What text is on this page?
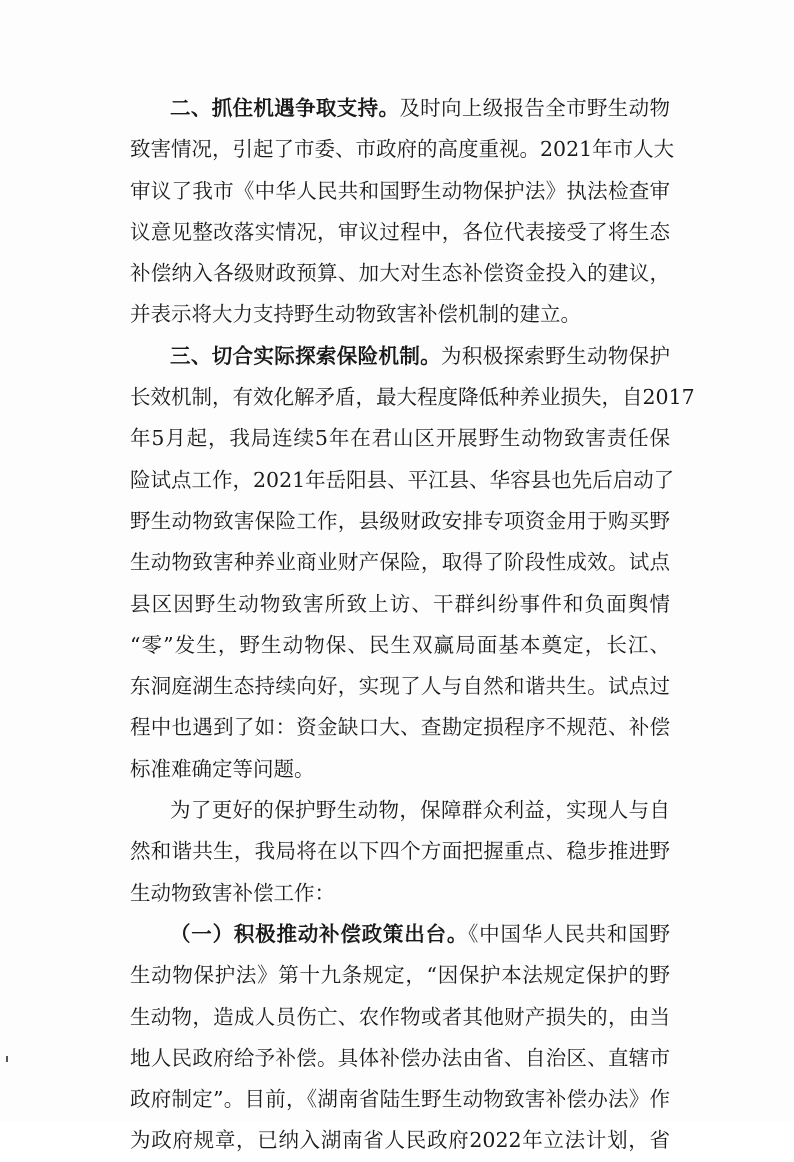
二、抓住机遇争取支持。及时向上级报告全市野生动物
致害情况，引起了市委、市政府的高度重视。2021年市人大
审议了我市《中华人民共和国野生动物保护法》执法检查审
议意见整改落实情况，审议过程中，各位代表接受了将生态
补偿纳入各级财政预算、加大对生态补偿资金投入的建议，
并表示将大力支持野生动物致害补偿机制的建立。
三、切合实际探索保险机制。为积极探索野生动物保护
长效机制，有效化解矛盾，最大程度降低种养业损失，自2017
年5月起，我局连续5年在君山区开展野生动物致害责任保
险试点工作，2021年岳阳县、平江县、华容县也先后启动了
野生动物致害保险工作，县级财政安排专项资金用于购买野
生动物致害种养业商业财产保险，取得了阶段性成效。试点
县区因野生动物致害所致上访、干群纠纷事件和负面舆情
“零”发生，野生动物保、民生双赢局面基本奠定，长江、
东洞庭湖生态持续向好，实现了人与自然和谐共生。试点过
程中也遇到了如：资金缺口大、查勘定损程序不规范、补偿
标准难确定等问题。
为了更好的保护野生动物，保障群众利益，实现人与自
然和谐共生，我局将在以下四个方面把握重点、稳步推进野
生动物致害补偿工作：
（一）积极推动补偿政策出台。《中国华人民共和国野
生动物保护法》第十九条规定，“因保护本法规定保护的野
生动物，造成人员伤亡、农作物或者其他财产损失的，由当
地人民政府给予补偿。具体补偿办法由省、自治区、直辖市
政府制定”。目前，《湖南省陆生野生动物致害补偿办法》作
为政府规章，已纳入湖南省人民政府2022年立法计划，省
